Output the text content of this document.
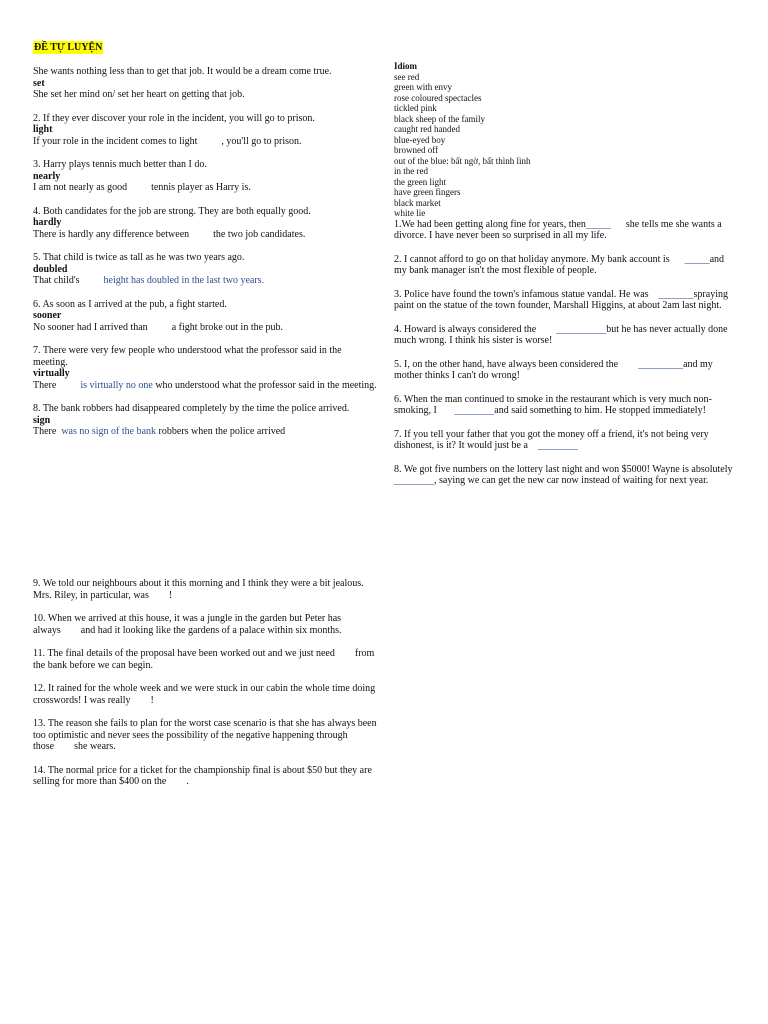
ĐỀ TỰ LUYỆN

She wants nothing less than to get that job. It would be a dream come true.

set

She set her mind on/ set her heart on getting that job.

2. If they ever discover your role in the incident, you will go to prison.

light

If your role in the incident comes to light , you'll go to prison.

3. Harry plays tennis much better than I do.

nearly

I am not nearly as good tennis player as Harry is.

4. Both candidates for the job are strong. They are both equally good.

hardly

There is hardly any difference between the two job candidates.

5. That child is twice as tall as he was two years ago.

doubled

That child's height has doubled in the last two years.

6. As soon as I arrived at the pub, a fight started.

sooner

No sooner had I arrived than a fight broke out in the pub.

7. There were very few people who understood what the professor said in the meeting.

virtually

There is virtually no one who understood what the professor said in the meeting.

8. The bank robbers had disappeared completely by the time the police arrived.

sign

There was no sign of the bank robbers when the police arrived

Idiom

see red

green with envy

rose coloured spectacles

tickled pink

black sheep of the family

caught red handed

blue-eyed boy

browned off

out of the blue: bất ngờ, bất thình lình

in the red

the green light

have green fingers

black market

white lie

1.We had been getting along fine for years, then_____ she tells me she wants a divorce. I have never been so surprised in all my life.

2. I cannot afford to go on that holiday anymore. My bank account is _____and my bank manager isn't the most flexible of people.

3. Police have found the town's infamous statue vandal. He was _______spraying paint on the statue of the town founder, Marshall Higgins, at about 2am last night.

4. Howard is always considered the __________but he has never actually done much wrong. I think his sister is worse!

5. I, on the other hand, have always been considered the _________and my mother thinks I can't do wrong!

6. When the man continued to smoke in the restaurant which is very much non-smoking, I ________and said something to him. He stopped immediately!

7. If you tell your father that you got the money off a friend, it's not being very dishonest, is it? It would just be a ________

8. We got five numbers on the lottery last night and won $5000! Wayne is absolutely ________, saying we can get the new car now instead of waiting for next year.

9. We told our neighbours about it this morning and I think they were a bit jealous. Mrs. Riley, in particular, was !

10. When we arrived at this house, it was a jungle in the garden but Peter has always and had it looking like the gardens of a palace within six months.

11. The final details of the proposal have been worked out and we just need from the bank before we can begin.

12. It rained for the whole week and we were stuck in our cabin the whole time doing crosswords! I was really !

13. The reason she fails to plan for the worst case scenario is that she has always been too optimistic and never sees the possibility of the negative happening through those she wears.

14. The normal price for a ticket for the championship final is about $50 but they are selling for more than $400 on the .
